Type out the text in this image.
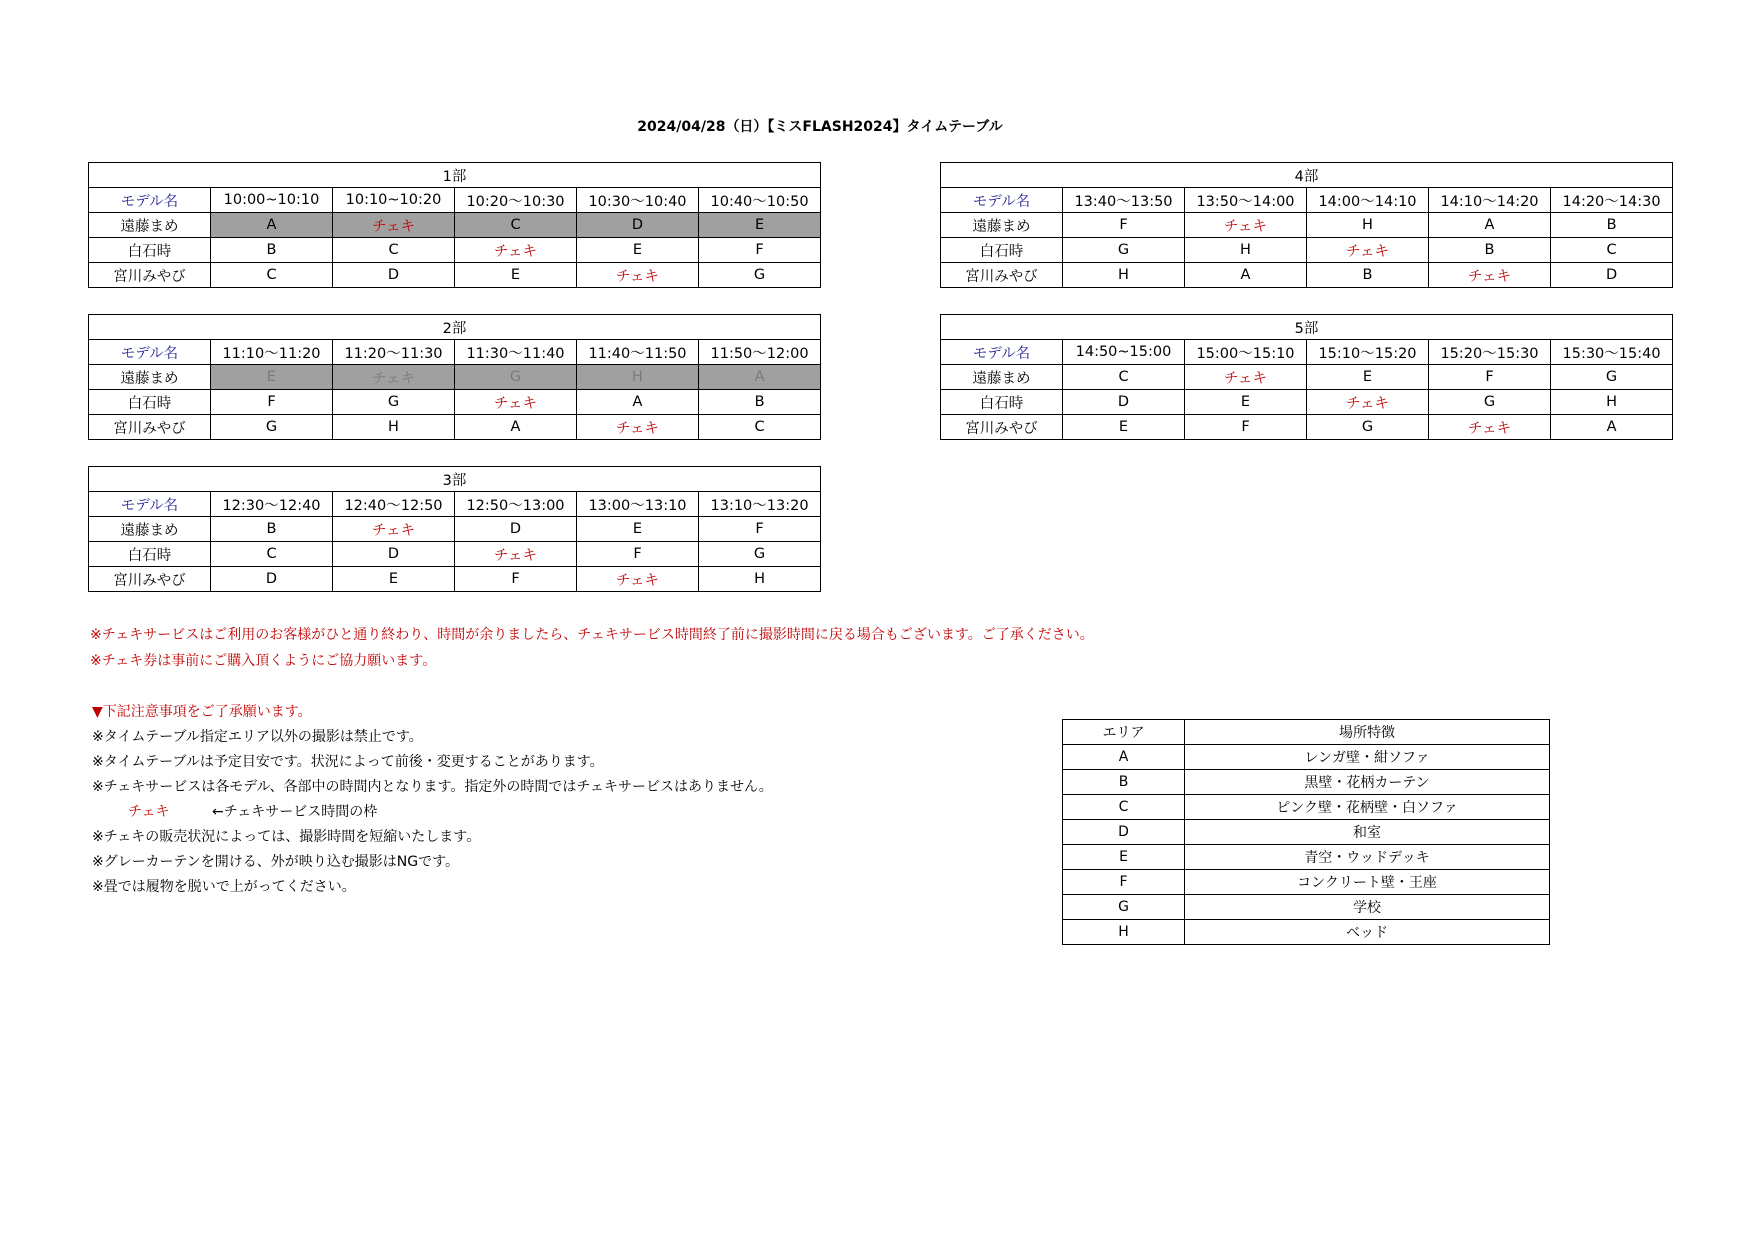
2024/04/28（日）【ミスFLASH2024】タイムテーブル
1部					
モデル名	10:00~10:10	10:10~10:20	10:20～10:30	10:30～10:40	10:40～10:50
遠藤まめ	A	チェキ	C	D	E
白石時	B	C	チェキ	E	F
宮川みやび	C	D	E	チェキ	G
2部					
モデル名	11:10～11:20	11:20～11:30	11:30～11:40	11:40～11:50	11:50～12:00
遠藤まめ	E	チェキ	G	H	A
白石時	F	G	チェキ	A	B
宮川みやび	G	H	A	チェキ	C
3部					
モデル名	12:30～12:40	12:40～12:50	12:50～13:00	13:00～13:10	13:10～13:20
遠藤まめ	B	チェキ	D	E	F
白石時	C	D	チェキ	F	G
宮川みやび	D	E	F	チェキ	H
4部					
モデル名	13:40～13:50	13:50～14:00	14:00～14:10	14:10～14:20	14:20～14:30
遠藤まめ	F	チェキ	H	A	B
白石時	G	H	チェキ	B	C
宮川みやび	H	A	B	チェキ	D
5部					
モデル名	14:50~15:00	15:00～15:10	15:10～15:20	15:20～15:30	15:30～15:40
遠藤まめ	C	チェキ	E	F	G
白石時	D	E	チェキ	G	H
宮川みやび	E	F	G	チェキ	A
※チェキサービスはご利用のお客様がひと通り終わり、時間が余りましたら、チェキサービス時間終了前に撮影時間に戻る場合もございます。ご了承ください。
※チェキ券は事前にご購入頂くようにご協力願います。
▼下記注意事項をご了承願います。
※タイムテーブル指定エリア以外の撮影は禁止です。
※タイムテーブルは予定目安です。状況によって前後・変更することがあります。
※チェキサービスは各モデル、各部中の時間内となります。指定外の時間ではチェキサービスはありません。
チェキ	←チェキサービス時間の枠
※チェキの販売状況によっては、撮影時間を短縮いたします。
※グレーカーテンを開ける、外が映り込む撮影はNGです。
※畳では履物を脱いで上がってください。
エリア	場所特徴
A	レンガ壁・紺ソファ
B	黒壁・花柄カーテン
C	ピンク壁・花柄壁・白ソファ
D	和室
E	青空・ウッドデッキ
F	コンクリート壁・王座
G	学校
H	ベッド
